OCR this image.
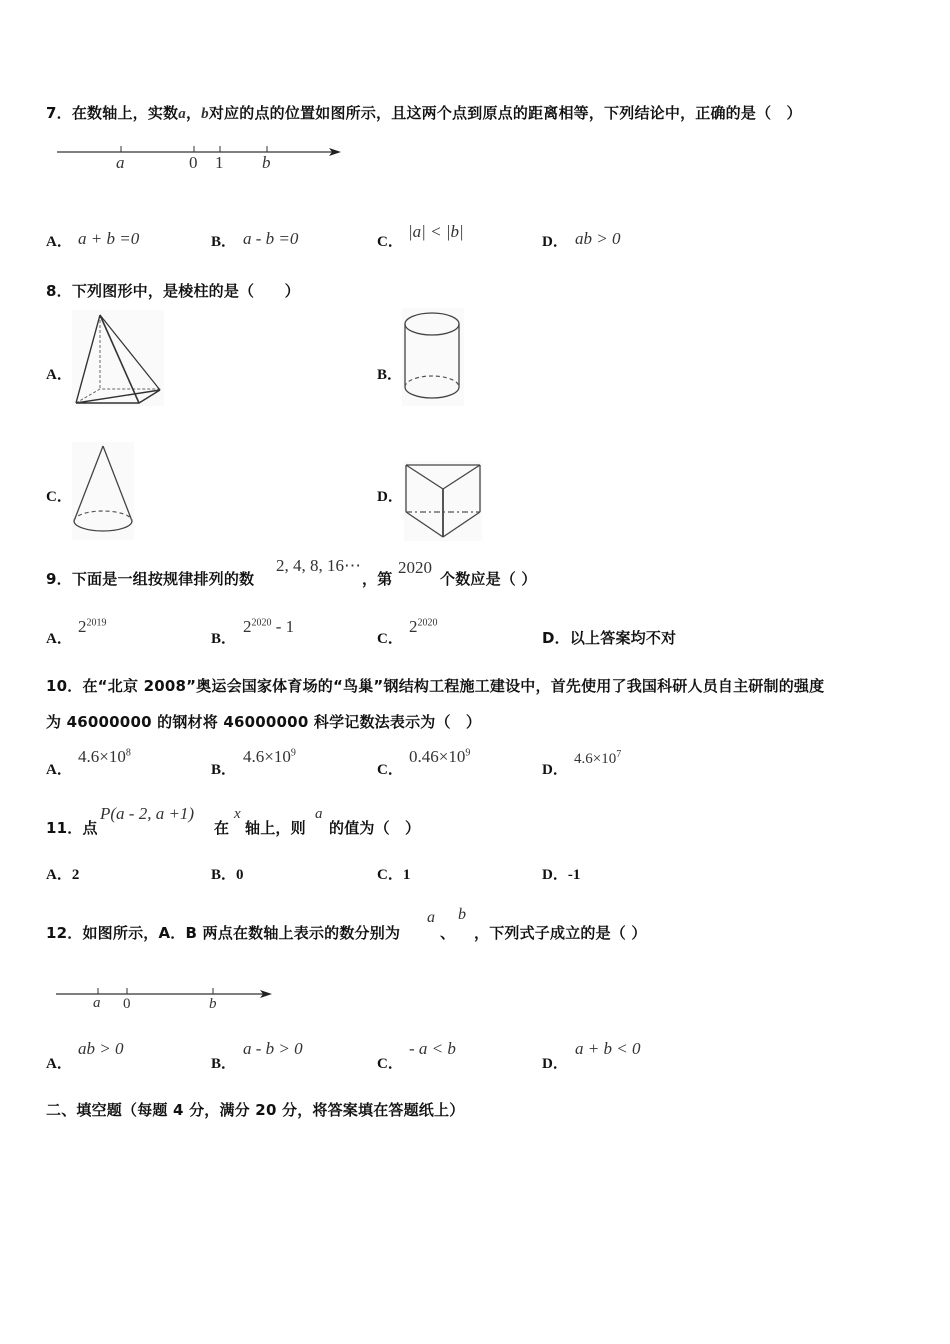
7．在数轴上，实数a，b对应的点的位置如图所示，且这两个点到原点的距离相等，下列结论中，正确的是（　）
a	0 1 b
A． a + b =0	B． a - b =0	C．
|a| < |b|
D． ab > 0
8．下列图形中，是棱柱的是（　　）
A．	B．
C．	D．
9．下面是一组按规律排列的数
2, 4, 8, 16⋯
，第
2020
个数应是（ ）
A．
$2^{2019}$
B．
$2^{2020} - 1$
C．
$2^{2020}$
D．以上答案均不对
10．在“北京 2008”奥运会国家体育场的“鸟巢”钢结构工程施工建设中，首先使用了我国科研人员自主研制的强度
为 46000000 的钢材将 46000000 科学记数法表示为（　）
A．
$4.6\times 10^8$
B．
$4.6\times 10^9$
C．
$0.46\times 10^9$
D．
$4.6\times 10^7$
11．点
P(a - 2, a +1)
在
x
轴上，则
a
的值为（　）
A．2	B．0	C．1	D．-1
12．如图所示，A．B 两点在数轴上表示的数分别为
a
、
b
，下列式子成立的是（ ）
a 0	b
A．
ab > 0
B．
a - b > 0
C．
- a < b
D．
a + b < 0
二、填空题（每题 4 分，满分 20 分，将答案填在答题纸上）
